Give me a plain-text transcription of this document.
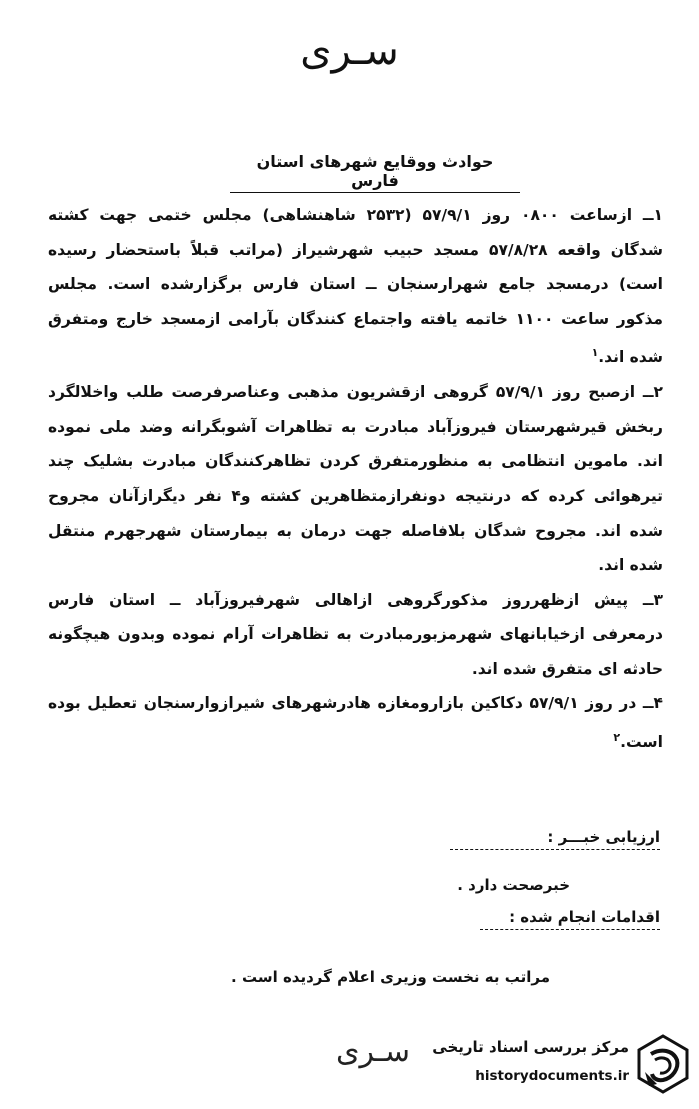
سـری
حوادث ووقایع شهرهای استان فارس

۱ــ ازساعت ۰۸۰۰ روز ۵۷/۹/۱ (۲۵۳۲ شاهنشاهی) مجلس ختمی جهت کشته شدگان واقعه ۵۷/۸/۲۸ مسجد حبیب شهرشیراز (مراتب قبلاً باستحضار رسیده است) درمسجد جامع شهرارسنجان ــ استان فارس برگزارشده است. مجلس مذکور ساعت ۱۱۰۰ خاتمه یافته واجتماع کنندگان بآرامی ازمسجد خارج ومتفرق شده اند.$^۱$

۲ــ ازصبح روز ۵۷/۹/۱ گروهی ازقشریون مذهبی وعناصرفرصت طلب واخلالگرد ربخش قیرشهرستان فیروزآباد مبادرت به تظاهرات آشوبگرانه وضد ملی نموده اند. ماموین انتظامی به منظورمتفرق کردن تظاهرکنندگان مبادرت بشلیک چند تیرهوائی کرده که درنتیجه دونفرازمتظاهرین کشته و۴ نفر دیگرازآنان مجروح شده اند. مجروح شدگان بلافاصله جهت درمان به بیمارستان شهرجهرم منتقل شده اند.

۳ــ پیش ازظهرروز مذکورگروهی ازاهالی شهرفیروزآباد ــ استان فارس درمعرفی ازخیابانهای شهرمزبورمبادرت به تظاهرات آرام نموده وبدون هیچگونه حادثه ای متفرق شده اند.

۴ــ در روز ۵۷/۹/۱ دکاکین بازارومغازه هادرشهرهای شیرازوارسنجان تعطیل بوده است.$^۲$

ارزیابی خبـــر :
خبرصحت دارد .
اقدامات انجام شده :
مراتب به نخست وزیری اعلام گردیده است .
سـری	مرکز بررسی اسناد تاریخی
historydocuments.ir
